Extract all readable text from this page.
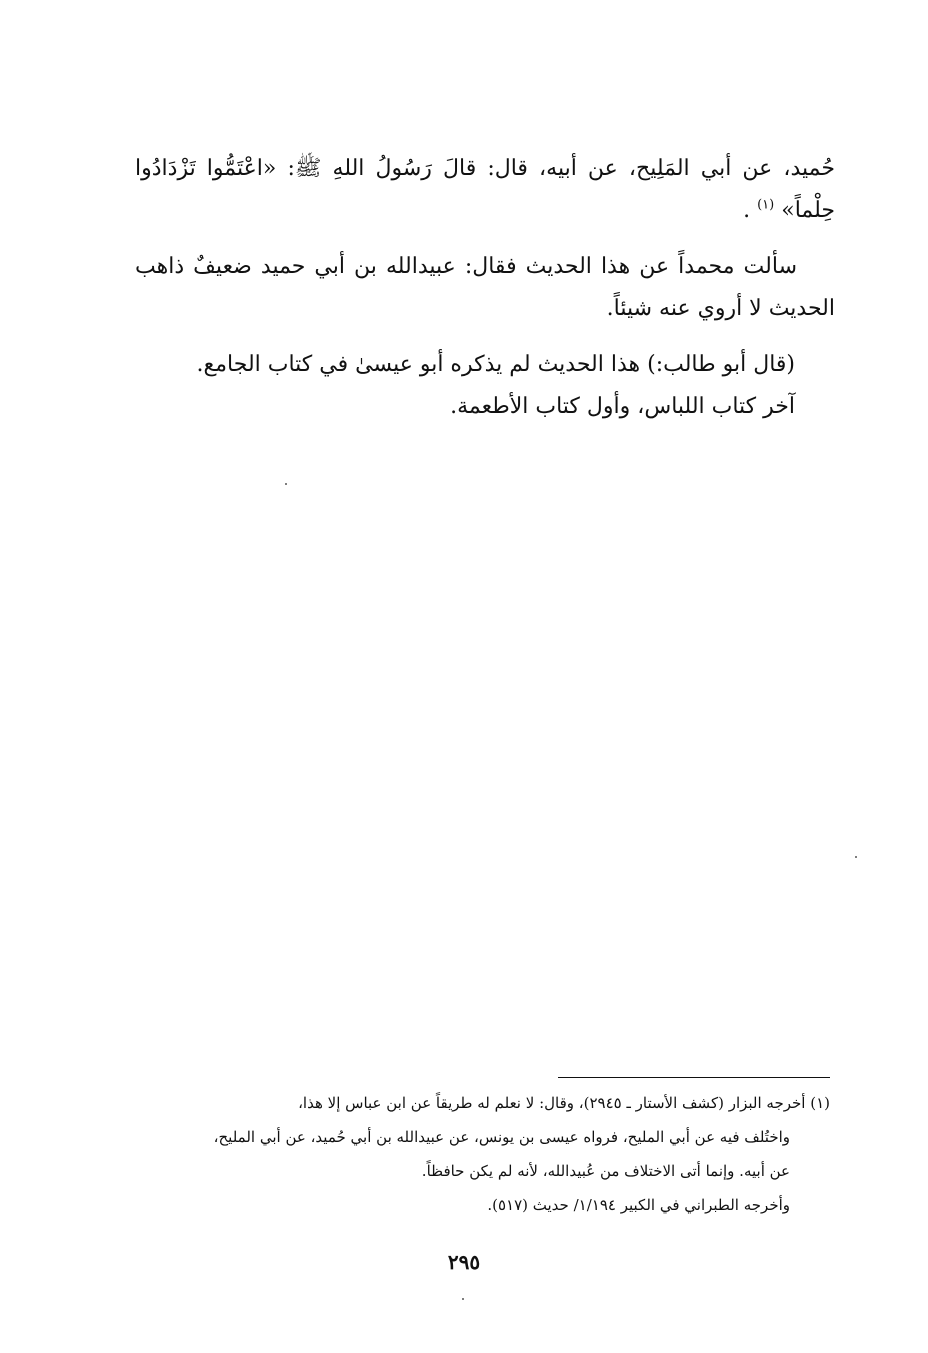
حُميد، عن أبي المَلِيح، عن أبيه، قال: قالَ رَسُولُ اللهِ ﷺ: «اعْتَمُّوا تَزْدَادُوا حِلْماً» $^{(١)}$ .

سألت محمداً عن هذا الحديث فقال: عبيدالله بن أبي حميد ضعيفٌ ذاهب الحديث لا أروي عنه شيئاً.

(قال أبو طالب:) هذا الحديث لم يذكره أبو عيسىٰ في كتاب الجامع.

آخر كتاب اللباس، وأول كتاب الأطعمة.

(١) أخرجه البزار (كشف الأستار ـ ٢٩٤٥)، وقال: لا نعلم له طريقاً عن ابن عباس إلا هذا،

واختُلف فيه عن أبي المليح، فرواه عيسى بن يونس، عن عبيدالله بن أبي حُميد، عن أبي المليح،

عن أبيه. وإنما أتى الاختلاف من عُبيدالله، لأنه لم يكن حافظاً.

وأخرجه الطبراني في الكبير ١/١٩٤/ حديث (٥١٧).

٢٩٥
